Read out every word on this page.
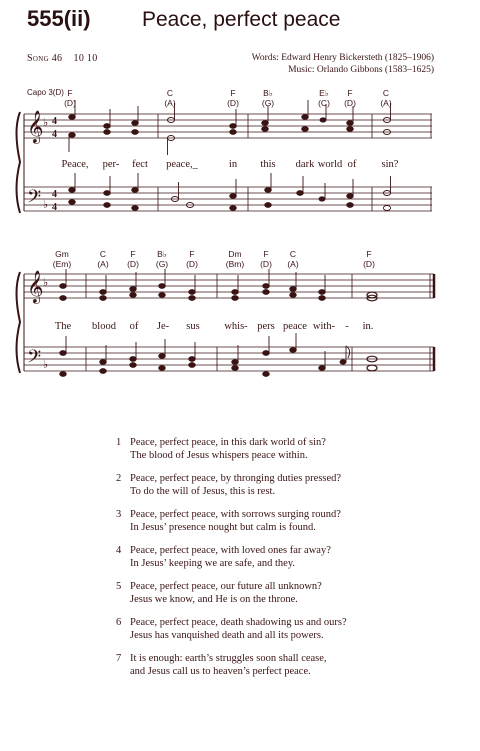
555(ii) Peace, perfect peace
Song 46 10 10	Words: Edward Henry Bickersteth (1825–1906)
Music: Orlando Gibbons (1583–1625)
Capo 3(D) F
(D)
C
(A)
F
(D)
B♭
(G)
E♭
(C)
F
(D)
C
(A)
Gm
(Em)
C
(A)
F
(D)
B♭
(G)
F
(D)
Dm
(Bm)
F
(D)
C
(A)
F
(D)
𝄞
𝄢
♭
♭
4
4
4
4
𝄞
𝄢
♭
♭
Peace, per- fect peace,_	in this dark world of sin?
The blood of Je- sus whis- pers peace with- - in.
1 Peace, perfect peace, in this dark world of sin?
The blood of Jesus whispers peace within.
2 Peace, perfect peace, by thronging duties pressed?
To do the will of Jesus, this is rest.
3 Peace, perfect peace, with sorrows surging round?
In Jesus’ presence nought but calm is found.
4 Peace, perfect peace, with loved ones far away?
In Jesus’ keeping we are safe, and they.
5 Peace, perfect peace, our future all unknown?
Jesus we know, and He is on the throne.
6 Peace, perfect peace, death shadowing us and ours?
Jesus has vanquished death and all its powers.
7 It is enough: earth’s struggles soon shall cease,
and Jesus call us to heaven’s perfect peace.
